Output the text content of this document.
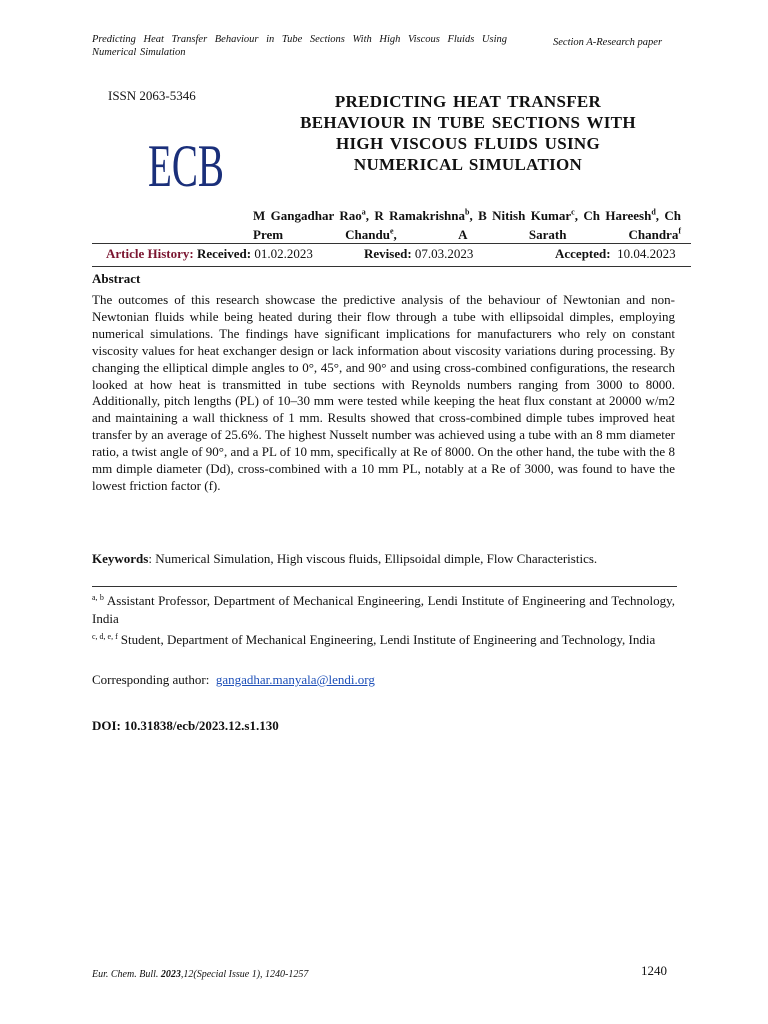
Predicting Heat Transfer Behaviour in Tube Sections With High Viscous Fluids Using Numerical Simulation
Section A-Research paper
ISSN 2063-5346
ECB
PREDICTING HEAT TRANSFER
BEHAVIOUR IN TUBE SECTIONS WITH
HIGH VISCOUS FLUIDS USING
NUMERICAL SIMULATION
M Gangadhar Rao$^a$, R Ramakrishna$^b$, B Nitish Kumar$^c$, Ch Hareesh$^d$, Ch Prem Chandu$^e$, A Sarath Chandra$^f$
Article History: Received: 01.02.2023	Revised: 07.03.2023	Accepted: 10.04.2023
Abstract
The outcomes of this research showcase the predictive analysis of the behaviour of Newtonian and non-Newtonian fluids while being heated during their flow through a tube with ellipsoidal dimples, employing numerical simulations. The findings have significant implications for manufacturers who rely on constant viscosity values for heat exchanger design or lack information about viscosity variations during processing. By changing the elliptical dimple angles to 0°, 45°, and 90° and using cross-combined configurations, the research looked at how heat is transmitted in tube sections with Reynolds numbers ranging from 3000 to 8000. Additionally, pitch lengths (PL) of 10–30 mm were tested while keeping the heat flux constant at 20000 w/m2 and maintaining a wall thickness of 1 mm. Results showed that cross-combined dimple tubes improved heat transfer by an average of 25.6%. The highest Nusselt number was achieved using a tube with an 8 mm diameter ratio, a twist angle of 90°, and a PL of 10 mm, specifically at Re of 8000. On the other hand, the tube with the 8 mm dimple diameter (Dd), cross-combined with a 10 mm PL, notably at a Re of 3000, was found to have the lowest friction factor (f).
Keywords: Numerical Simulation, High viscous fluids, Ellipsoidal dimple, Flow Characteristics.
$^{a, b}$ Assistant Professor, Department of Mechanical Engineering, Lendi Institute of Engineering and Technology, India
$^{c, d, e, f}$ Student, Department of Mechanical Engineering, Lendi Institute of Engineering and Technology, India
Corresponding author: gangadhar.manyala@lendi.org
DOI: 10.31838/ecb/2023.12.s1.130
Eur. Chem. Bull. 2023,12(Special Issue 1), 1240-1257	1240
